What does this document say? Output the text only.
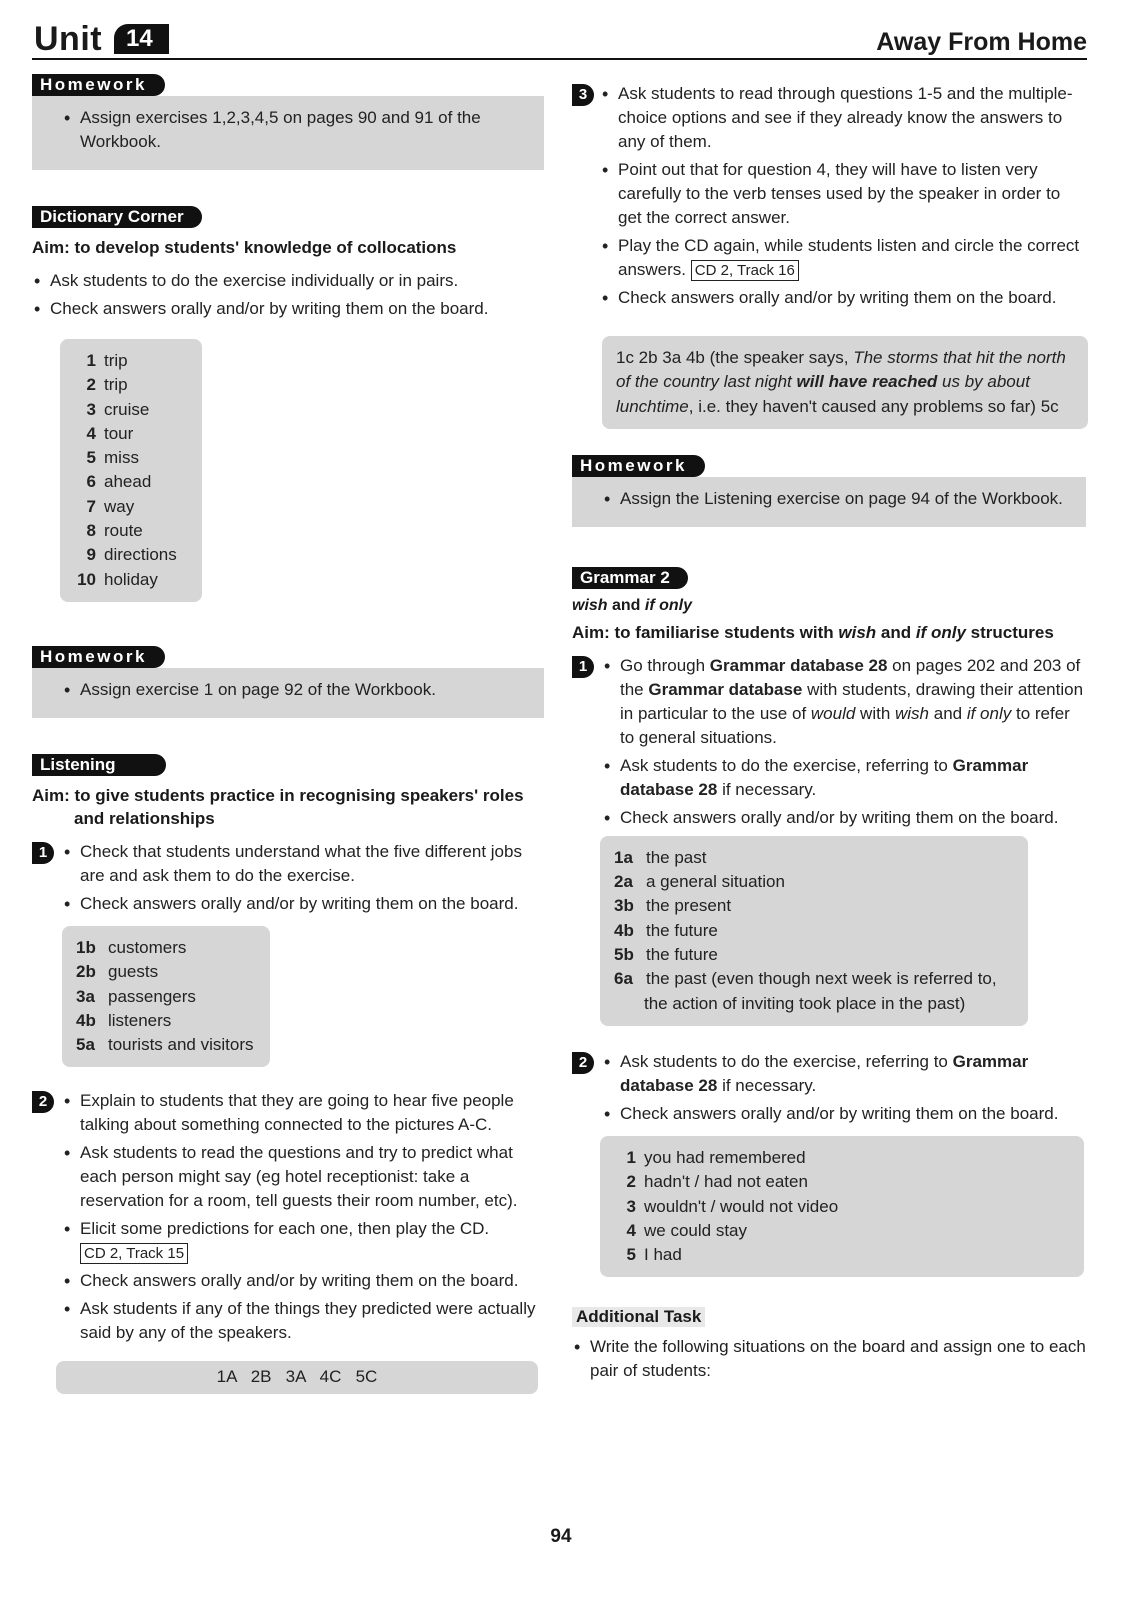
Unit 14	Away From Home
Homework
• Assign exercises 1,2,3,4,5 on pages 90 and 91 of the Workbook.
Dictionary Corner
Aim: to develop students' knowledge of collocations
• Ask students to do the exercise individually or in pairs.
• Check answers orally and/or by writing them on the board.
1 trip
2 trip
3 cruise
4 tour
5 miss
6 ahead
7 way
8 route
9 directions
10 holiday
Homework
• Assign exercise 1 on page 92 of the Workbook.
Listening
Aim: to give students practice in recognising speakers' roles and relationships
1	• Check that students understand what the five different jobs are and ask them to do the exercise.
• Check answers orally and/or by writing them on the board.
1b customers
2b guests
3a passengers
4b listeners
5a tourists and visitors
2	• Explain to students that they are going to hear five people talking about something connected to the pictures A-C.
• Ask students to read the questions and try to predict what each person might say (eg hotel receptionist: take a reservation for a room, tell guests their room number, etc).
• Elicit some predictions for each one, then play the CD.
CD 2, Track 15
• Check answers orally and/or by writing them on the board.
• Ask students if any of the things they predicted were actually said by any of the speakers.
1A   2B   3A   4C   5C
3	• Ask students to read through questions 1-5 and the multiple-choice options and see if they already know the answers to any of them.
• Point out that for question 4, they will have to listen very carefully to the verb tenses used by the speaker in order to get the correct answer.
• Play the CD again, while students listen and circle the correct answers. CD 2, Track 16
• Check answers orally and/or by writing them on the board.
1c 2b 3a 4b (the speaker says, The storms that hit the north of the country last night will have reached us by about lunchtime, i.e. they haven't caused any problems so far) 5c
Homework
• Assign the Listening exercise on page 94 of the Workbook.
Grammar 2
wish and if only
Aim: to familiarise students with wish and if only structures
1	• Go through Grammar database 28 on pages 202 and 203 of the Grammar database with students, drawing their attention in particular to the use of would with wish and if only to refer to general situations.
• Ask students to do the exercise, referring to Grammar database 28 if necessary.
• Check answers orally and/or by writing them on the board.
1a the past
2a a general situation
3b the present
4b the future
5b the future
6a the past (even though next week is referred to,
the action of inviting took place in the past)
2	• Ask students to do the exercise, referring to Grammar database 28 if necessary.
• Check answers orally and/or by writing them on the board.
1 you had remembered
2 hadn't / had not eaten
3 wouldn't / would not video
4 we could stay
5 I had
Additional Task
• Write the following situations on the board and assign one to each pair of students:
94
